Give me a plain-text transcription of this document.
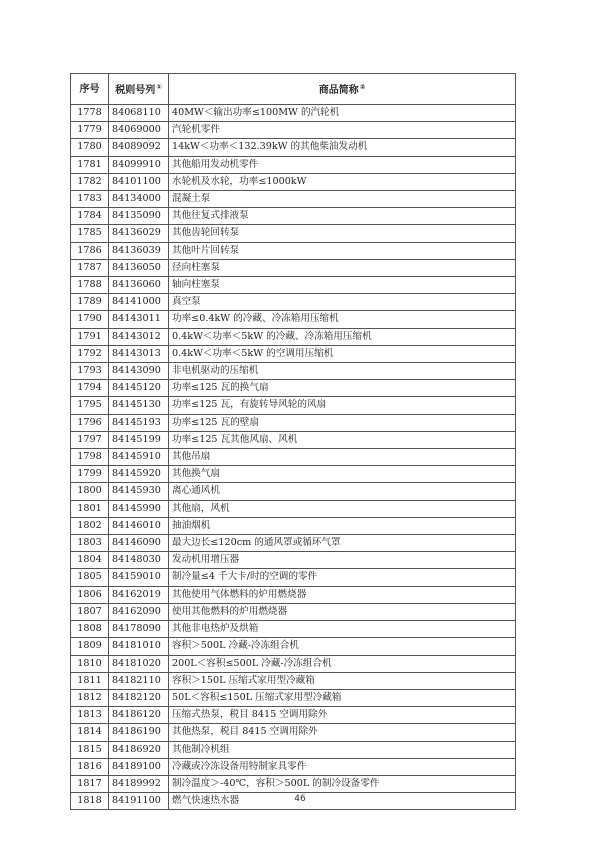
序号	税则号列①	商品简称②
1778	84068110	40MW＜输出功率≤100MW 的汽轮机
1779	84069000	汽轮机零件
1780	84089092	14kW＜功率＜132.39kW 的其他柴油发动机
1781	84099910	其他船用发动机零件
1782	84101100	水轮机及水轮，功率≤1000kW
1783	84134000	混凝土泵
1784	84135090	其他往复式排液泵
1785	84136029	其他齿轮回转泵
1786	84136039	其他叶片回转泵
1787	84136050	径向柱塞泵
1788	84136060	轴向柱塞泵
1789	84141000	真空泵
1790	84143011	功率≤0.4kW 的冷藏、冷冻箱用压缩机
1791	84143012	0.4kW＜功率＜5kW 的冷藏、冷冻箱用压缩机
1792	84143013	0.4kW＜功率＜5kW 的空调用压缩机
1793	84143090	非电机驱动的压缩机
1794	84145120	功率≤125 瓦的换气扇
1795	84145130	功率≤125 瓦，有旋转导风轮的风扇
1796	84145193	功率≤125 瓦的壁扇
1797	84145199	功率≤125 瓦其他风扇、风机
1798	84145910	其他吊扇
1799	84145920	其他换气扇
1800	84145930	离心通风机
1801	84145990	其他扇，风机
1802	84146010	抽油烟机
1803	84146090	最大边长≤120cm 的通风罩或循环气罩
1804	84148030	发动机用增压器
1805	84159010	制冷量≤4 千大卡/时的空调的零件
1806	84162019	其他使用气体燃料的炉用燃烧器
1807	84162090	使用其他燃料的炉用燃烧器
1808	84178090	其他非电热炉及烘箱
1809	84181010	容积＞500L 冷藏-冷冻组合机
1810	84181020	200L＜容积≤500L 冷藏-冷冻组合机
1811	84182110	容积＞150L 压缩式家用型冷藏箱
1812	84182120	50L＜容积≤150L 压缩式家用型冷藏箱
1813	84186120	压缩式热泵，税目 8415 空调用除外
1814	84186190	其他热泵，税目 8415 空调用除外
1815	84186920	其他制冷机组
1816	84189100	冷藏或冷冻设备用特制家具零件
1817	84189992	制冷温度＞-40℃，容积＞500L 的制冷设备零件
1818	84191100	燃气快速热水器	46
